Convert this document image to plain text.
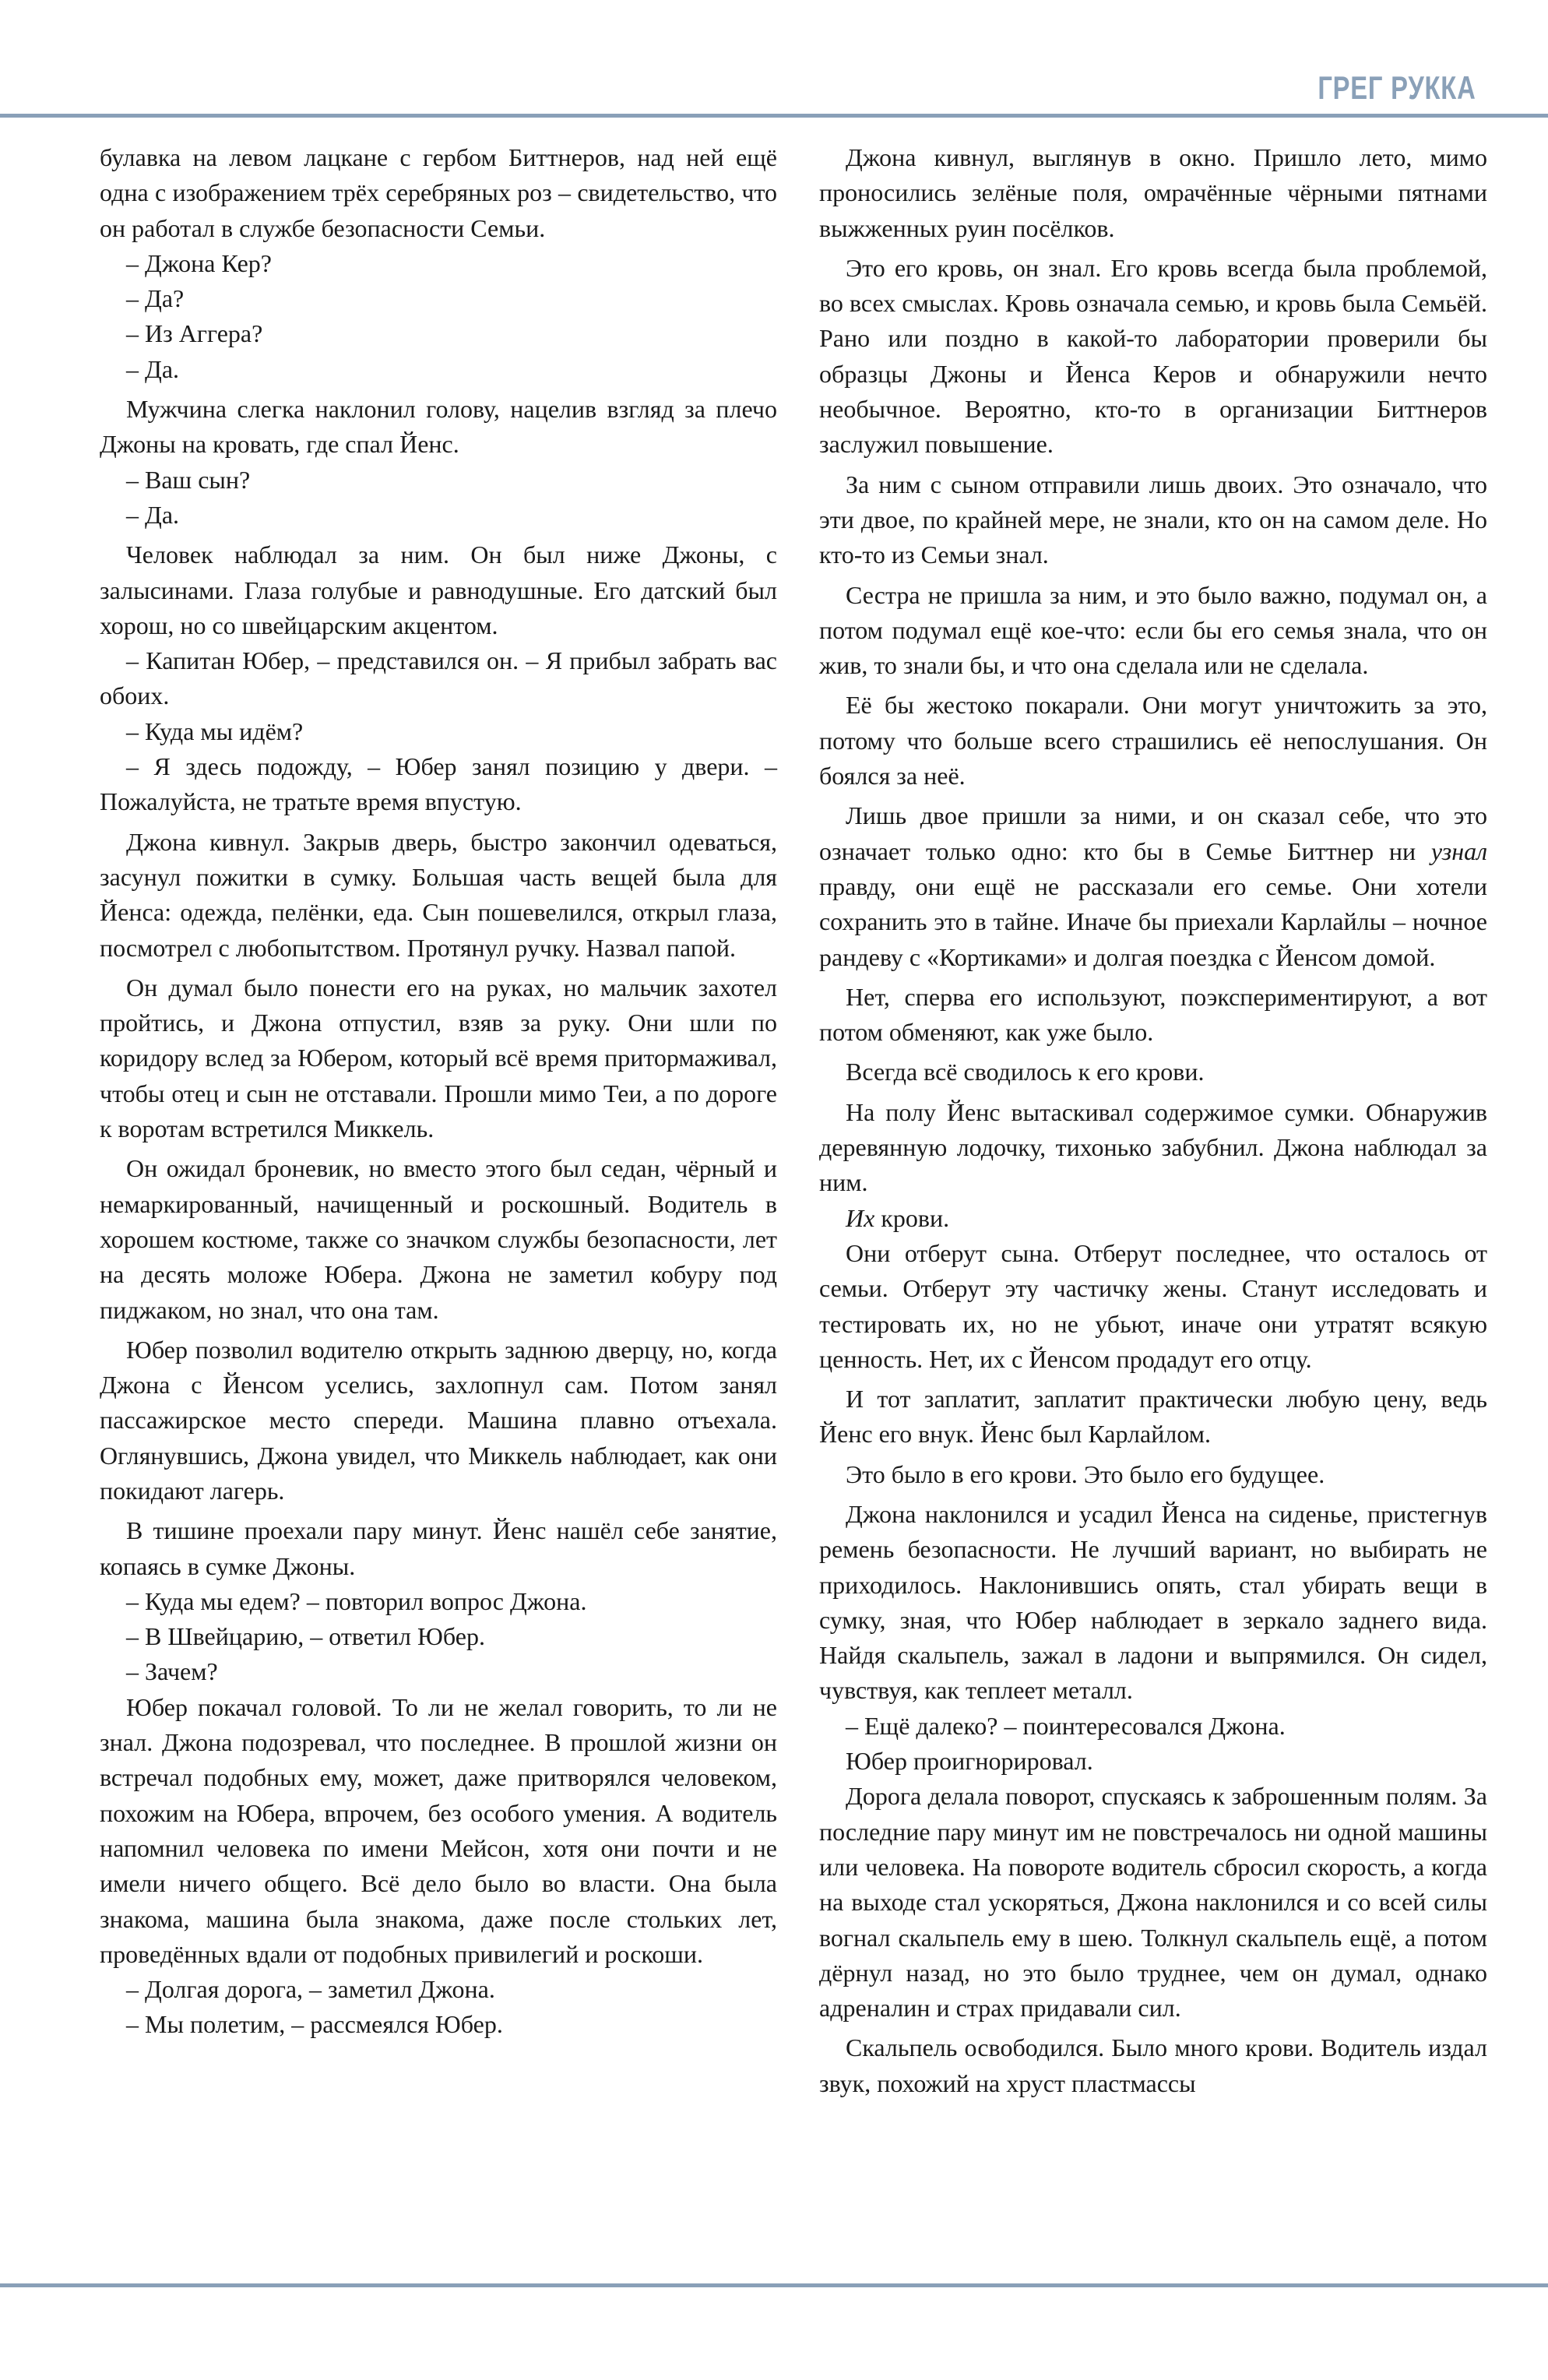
ГРЕГ РУККА

булавка на левом лацкане с гербом Биттнеров, над ней ещё одна с изображением трёх серебряных роз – свидетельство, что он работал в службе безопасности Семьи.

– Джона Кер?

– Да?

– Из Аггера?

– Да.

Мужчина слегка наклонил голову, нацелив взгляд за плечо Джоны на кровать, где спал Йенс.

– Ваш сын?

– Да.

Человек наблюдал за ним. Он был ниже Джоны, с залысинами. Глаза голубые и равнодушные. Его датский был хорош, но со швейцарским акцентом.

– Капитан Юбер, – представился он. – Я прибыл забрать вас обоих.

– Куда мы идём?

– Я здесь подожду, – Юбер занял позицию у двери. – Пожалуйста, не тратьте время впустую.

Джона кивнул. Закрыв дверь, быстро закончил одеваться, засунул пожитки в сумку. Большая часть вещей была для Йенса: одежда, пелёнки, еда. Сын пошевелился, открыл глаза, посмотрел с любопытством. Протянул ручку. Назвал папой.

Он думал было понести его на руках, но мальчик захотел пройтись, и Джона отпустил, взяв за руку. Они шли по коридору вслед за Юбером, который всё время притормаживал, чтобы отец и сын не отставали. Прошли мимо Теи, а по дороге к воротам встретился Миккель.

Он ожидал броневик, но вместо этого был седан, чёрный и немаркированный, начищенный и роскошный. Водитель в хорошем костюме, также со значком службы безопасности, лет на десять моложе Юбера. Джона не заметил кобуру под пиджаком, но знал, что она там.

Юбер позволил водителю открыть заднюю дверцу, но, когда Джона с Йенсом уселись, захлопнул сам. Потом занял пассажирское место спереди. Машина плавно отъехала. Оглянувшись, Джона увидел, что Миккель наблюдает, как они покидают лагерь.

В тишине проехали пару минут. Йенс нашёл себе занятие, копаясь в сумке Джоны.

– Куда мы едем? – повторил вопрос Джона.

– В Швейцарию, – ответил Юбер.

– Зачем?

Юбер покачал головой. То ли не желал говорить, то ли не знал. Джона подозревал, что последнее. В прошлой жизни он встречал подобных ему, может, даже притворялся человеком, похожим на Юбера, впрочем, без особого умения. А водитель напомнил человека по имени Мейсон, хотя они почти и не имели ничего общего. Всё дело было во власти. Она была знакома, машина была знакома, даже после стольких лет, проведённых вдали от подобных привилегий и роскоши.

– Долгая дорога, – заметил Джона.

– Мы полетим, – рассмеялся Юбер.

Джона кивнул, выглянув в окно. Пришло лето, мимо проносились зелёные поля, омрачённые чёрными пятнами выжженных руин посёлков.

Это его кровь, он знал. Его кровь всегда была проблемой, во всех смыслах. Кровь означала семью, и кровь была Семьёй. Рано или поздно в какой-то лаборатории проверили бы образцы Джоны и Йенса Керов и обнаружили нечто необычное. Вероятно, кто-то в организации Биттнеров заслужил повышение.

За ним с сыном отправили лишь двоих. Это означало, что эти двое, по крайней мере, не знали, кто он на самом деле. Но кто-то из Семьи знал.

Сестра не пришла за ним, и это было важно, подумал он, а потом подумал ещё кое-что: если бы его семья знала, что он жив, то знали бы, и что она сделала или не сделала.

Её бы жестоко покарали. Они могут уничтожить за это, потому что больше всего страшились её непослушания. Он боялся за неё.

Лишь двое пришли за ними, и он сказал себе, что это означает только одно: кто бы в Семье Биттнер ни узнал правду, они ещё не рассказали его семье. Они хотели сохранить это в тайне. Иначе бы приехали Карлайлы – ночное рандеву с «Кортиками» и долгая поездка с Йенсом домой.

Нет, сперва его используют, поэкспериментируют, а вот потом обменяют, как уже было.

Всегда всё сводилось к его крови.

На полу Йенс вытаскивал содержимое сумки. Обнаружив деревянную лодочку, тихонько забубнил. Джона наблюдал за ним.

Их крови.

Они отберут сына. Отберут последнее, что осталось от семьи. Отберут эту частичку жены. Станут исследовать и тестировать их, но не убьют, иначе они утратят всякую ценность. Нет, их с Йенсом продадут его отцу.

И тот заплатит, заплатит практически любую цену, ведь Йенс его внук. Йенс был Карлайлом.

Это было в его крови. Это было его будущее.

Джона наклонился и усадил Йенса на сиденье, пристегнув ремень безопасности. Не лучший вариант, но выбирать не приходилось. Наклонившись опять, стал убирать вещи в сумку, зная, что Юбер наблюдает в зеркало заднего вида. Найдя скальпель, зажал в ладони и выпрямился. Он сидел, чувствуя, как теплеет металл.

– Ещё далеко? – поинтересовался Джона.

Юбер проигнорировал.

Дорога делала поворот, спускаясь к заброшенным полям. За последние пару минут им не повстречалось ни одной машины или человека. На повороте водитель сбросил скорость, а когда на выходе стал ускоряться, Джона наклонился и со всей силы вогнал скальпель ему в шею. Толкнул скальпель ещё, а потом дёрнул назад, но это было труднее, чем он думал, однако адреналин и страх придавали сил.

Скальпель освободился. Было много крови. Водитель издал звук, похожий на хруст пластмассы
